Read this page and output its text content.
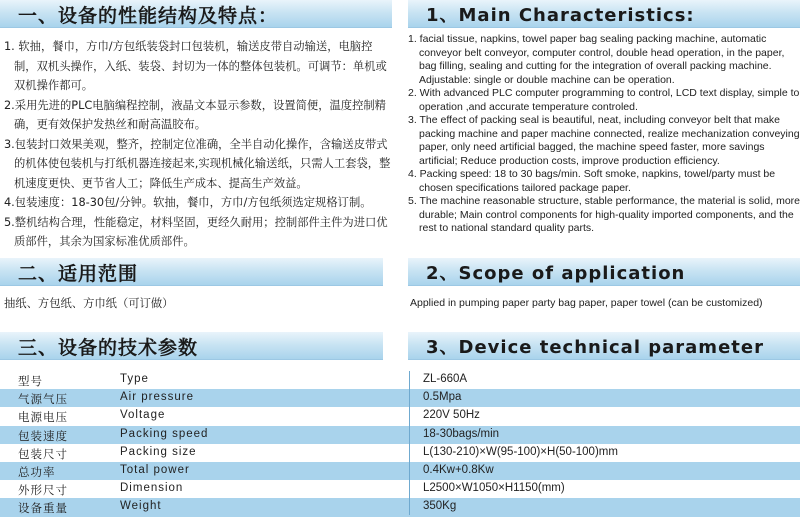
一、设备的性能结构及特点：	1、Main Characteristics:
1. 软抽，餐巾，方巾/方包纸装袋封口包装机，输送皮带自动输送，电脑控制，双机头操作，入纸、装袋、封切为一体的整体包装机。可调节：单机或双机操作都可。
2.采用先进的PLC电脑编程控制，液晶文本显示参数，设置简便，温度控制精确，更有效保护发热丝和耐高温胶布。
3.包装封口效果美观，整齐，控制定位准确，全半自动化操作，含输送皮带式的机体使包装机与打纸机器连接起来,实现机械化输送纸，只需人工套袋，整机速度更快、更节省人工；降低生产成本、提高生产效益。
4.包装速度：18-30包/分钟。软抽，餐巾，方巾/方包纸须选定规格订制。
5.整机结构合理，性能稳定，材料坚固，更经久耐用；控制部件主件为进口优质部件，其余为国家标准优质部件。
1. facial tissue, napkins, towel paper bag sealing packing machine, automatic conveyor belt conveyor, computer control, double head operation, in the paper, bag filling, sealing and cutting for the integration of overall packing machine. Adjustable: single or double machine can be operation.
2. With advanced PLC computer programming to control, LCD text display, simple to operation ,and accurate temperature controled.
3. The effect of packing seal is beautiful, neat, including conveyor belt that make packing machine and paper machine connected, realize mechanization conveying paper, only need artificial bagged, the machine speed faster, more savings artificial; Reduce production costs, improve production efficiency.
4. Packing speed: 18 to 30 bags/min. Soft smoke, napkins, towel/party must be chosen specifications tailored package paper.
5. The machine reasonable structure, stable performance, the material is solid, more durable; Main control components for high-quality imported components, and the rest to national standard quality parts.
二、适用范围	2、Scope of application
抽纸、方包纸、方巾纸（可订做）	Applied in pumping paper party bag paper, paper towel (can be customized)
三、设备的技术参数	3、Device technical parameter
型号	Type	ZL-660A
气源气压	Air pressure	0.5Mpa
电源电压	Voltage	220V 50Hz
包装速度	Packing speed	18-30bags/min
包装尺寸	Packing size	L(130-210)×W(95-100)×H(50-100)mm
总功率	Total power	0.4Kw+0.8Kw
外形尺寸	Dimension	L2500×W1050×H1150(mm)
设备重量	Weight	350Kg
